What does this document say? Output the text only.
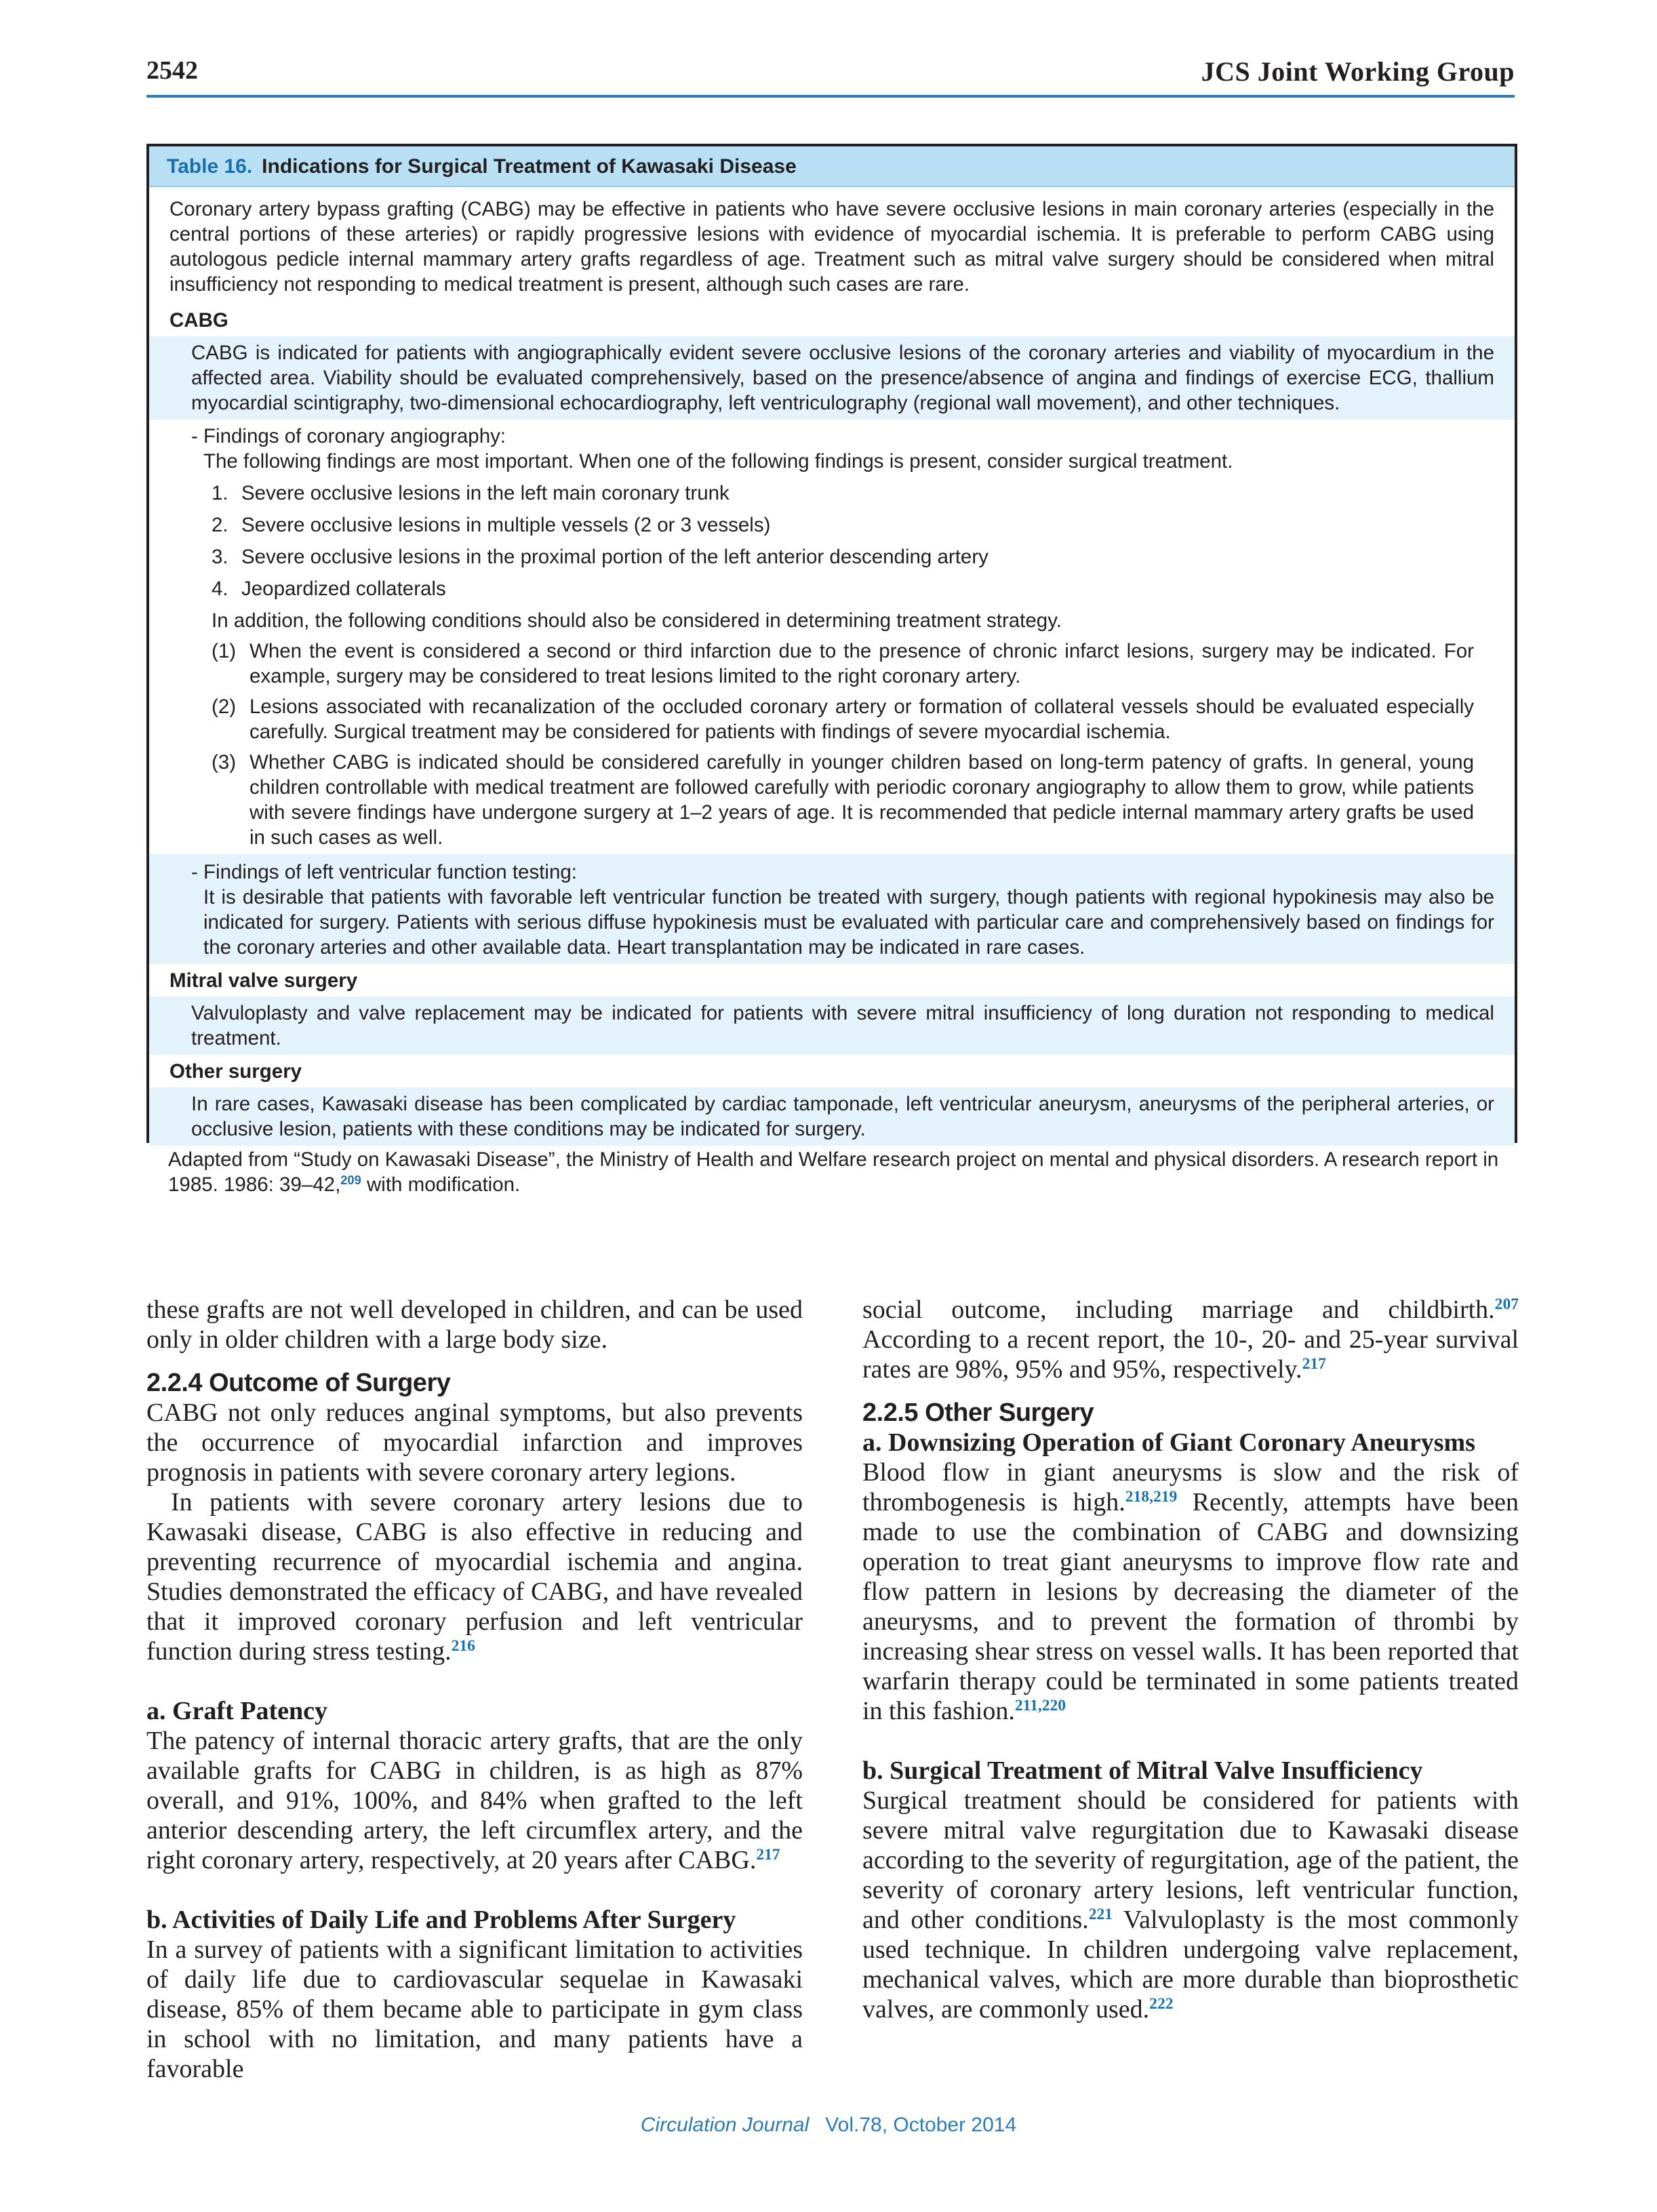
2542	JCS Joint Working Group
Table 16. Indications for Surgical Treatment of Kawasaki Disease
Coronary artery bypass grafting (CABG) may be effective in patients who have severe occlusive lesions in main coronary arteries (especially in the central portions of these arteries) or rapidly progressive lesions with evidence of myocardial ischemia. It is preferable to perform CABG using autologous pedicle internal mammary artery grafts regardless of age. Treatment such as mitral valve surgery should be considered when mitral insufficiency not responding to medical treatment is present, although such cases are rare.
CABG
CABG is indicated for patients with angiographically evident severe occlusive lesions of the coronary arteries and viability of myocardium in the affected area. Viability should be evaluated comprehensively, based on the presence/absence of angina and findings of exercise ECG, thallium myocardial scintigraphy, two-dimensional echocardiography, left ventriculography (regional wall movement), and other techniques.
- Findings of coronary angiography:
The following findings are most important. When one of the following findings is present, consider surgical treatment.
1. Severe occlusive lesions in the left main coronary trunk
2. Severe occlusive lesions in multiple vessels (2 or 3 vessels)
3. Severe occlusive lesions in the proximal portion of the left anterior descending artery
4. Jeopardized collaterals
In addition, the following conditions should also be considered in determining treatment strategy.
(1) When the event is considered a second or third infarction due to the presence of chronic infarct lesions, surgery may be indicated. For example, surgery may be considered to treat lesions limited to the right coronary artery.
(2) Lesions associated with recanalization of the occluded coronary artery or formation of collateral vessels should be evaluated especially carefully. Surgical treatment may be considered for patients with findings of severe myocardial ischemia.
(3) Whether CABG is indicated should be considered carefully in younger children based on long-term patency of grafts. In general, young children controllable with medical treatment are followed carefully with periodic coronary angiography to allow them to grow, while patients with severe findings have undergone surgery at 1–2 years of age. It is recommended that pedicle internal mammary artery grafts be used in such cases as well.
- Findings of left ventricular function testing:
It is desirable that patients with favorable left ventricular function be treated with surgery, though patients with regional hypokinesis may also be indicated for surgery. Patients with serious diffuse hypokinesis must be evaluated with particular care and comprehensively based on findings for the coronary arteries and other available data. Heart transplantation may be indicated in rare cases.
Mitral valve surgery
Valvuloplasty and valve replacement may be indicated for patients with severe mitral insufficiency of long duration not responding to medical treatment.
Other surgery
In rare cases, Kawasaki disease has been complicated by cardiac tamponade, left ventricular aneurysm, aneurysms of the peripheral arteries, or occlusive lesion, patients with these conditions may be indicated for surgery.
Adapted from “Study on Kawasaki Disease”, the Ministry of Health and Welfare research project on mental and physical disorders. A research report in 1985. 1986: 39–42,$^{209}$ with modification.

these grafts are not well developed in children, and can be used only in older children with a large body size.

2.2.4 Outcome of Surgery

CABG not only reduces anginal symptoms, but also prevents the occurrence of myocardial infarction and improves prognosis in patients with severe coronary artery legions.

In patients with severe coronary artery lesions due to Kawasaki disease, CABG is also effective in reducing and preventing recurrence of myocardial ischemia and angina. Studies demonstrated the efficacy of CABG, and have revealed that it improved coronary perfusion and left ventricular function during stress testing.$^{216}$

a. Graft Patency

The patency of internal thoracic artery grafts, that are the only available grafts for CABG in children, is as high as 87% overall, and 91%, 100%, and 84% when grafted to the left anterior descending artery, the left circumflex artery, and the right coronary artery, respectively, at 20 years after CABG.$^{217}$

b. Activities of Daily Life and Problems After Surgery

In a survey of patients with a significant limitation to activities of daily life due to cardiovascular sequelae in Kawasaki disease, 85% of them became able to participate in gym class in school with no limitation, and many patients have a favorable

social outcome, including marriage and childbirth.$^{207}$ According to a recent report, the 10-, 20- and 25-year survival rates are 98%, 95% and 95%, respectively.$^{217}$

2.2.5 Other Surgery

a. Downsizing Operation of Giant Coronary Aneurysms

Blood flow in giant aneurysms is slow and the risk of thrombogenesis is high.$^{218,219}$ Recently, attempts have been made to use the combination of CABG and downsizing operation to treat giant aneurysms to improve flow rate and flow pattern in lesions by decreasing the diameter of the aneurysms, and to prevent the formation of thrombi by increasing shear stress on vessel walls. It has been reported that warfarin therapy could be terminated in some patients treated in this fashion.$^{211,220}$

b. Surgical Treatment of Mitral Valve Insufficiency

Surgical treatment should be considered for patients with severe mitral valve regurgitation due to Kawasaki disease according to the severity of regurgitation, age of the patient, the severity of coronary artery lesions, left ventricular function, and other conditions.$^{221}$ Valvuloplasty is the most commonly used technique. In children undergoing valve replacement, mechanical valves, which are more durable than bioprosthetic valves, are commonly used.$^{222}$

Circulation Journal Vol.78, October 2014
